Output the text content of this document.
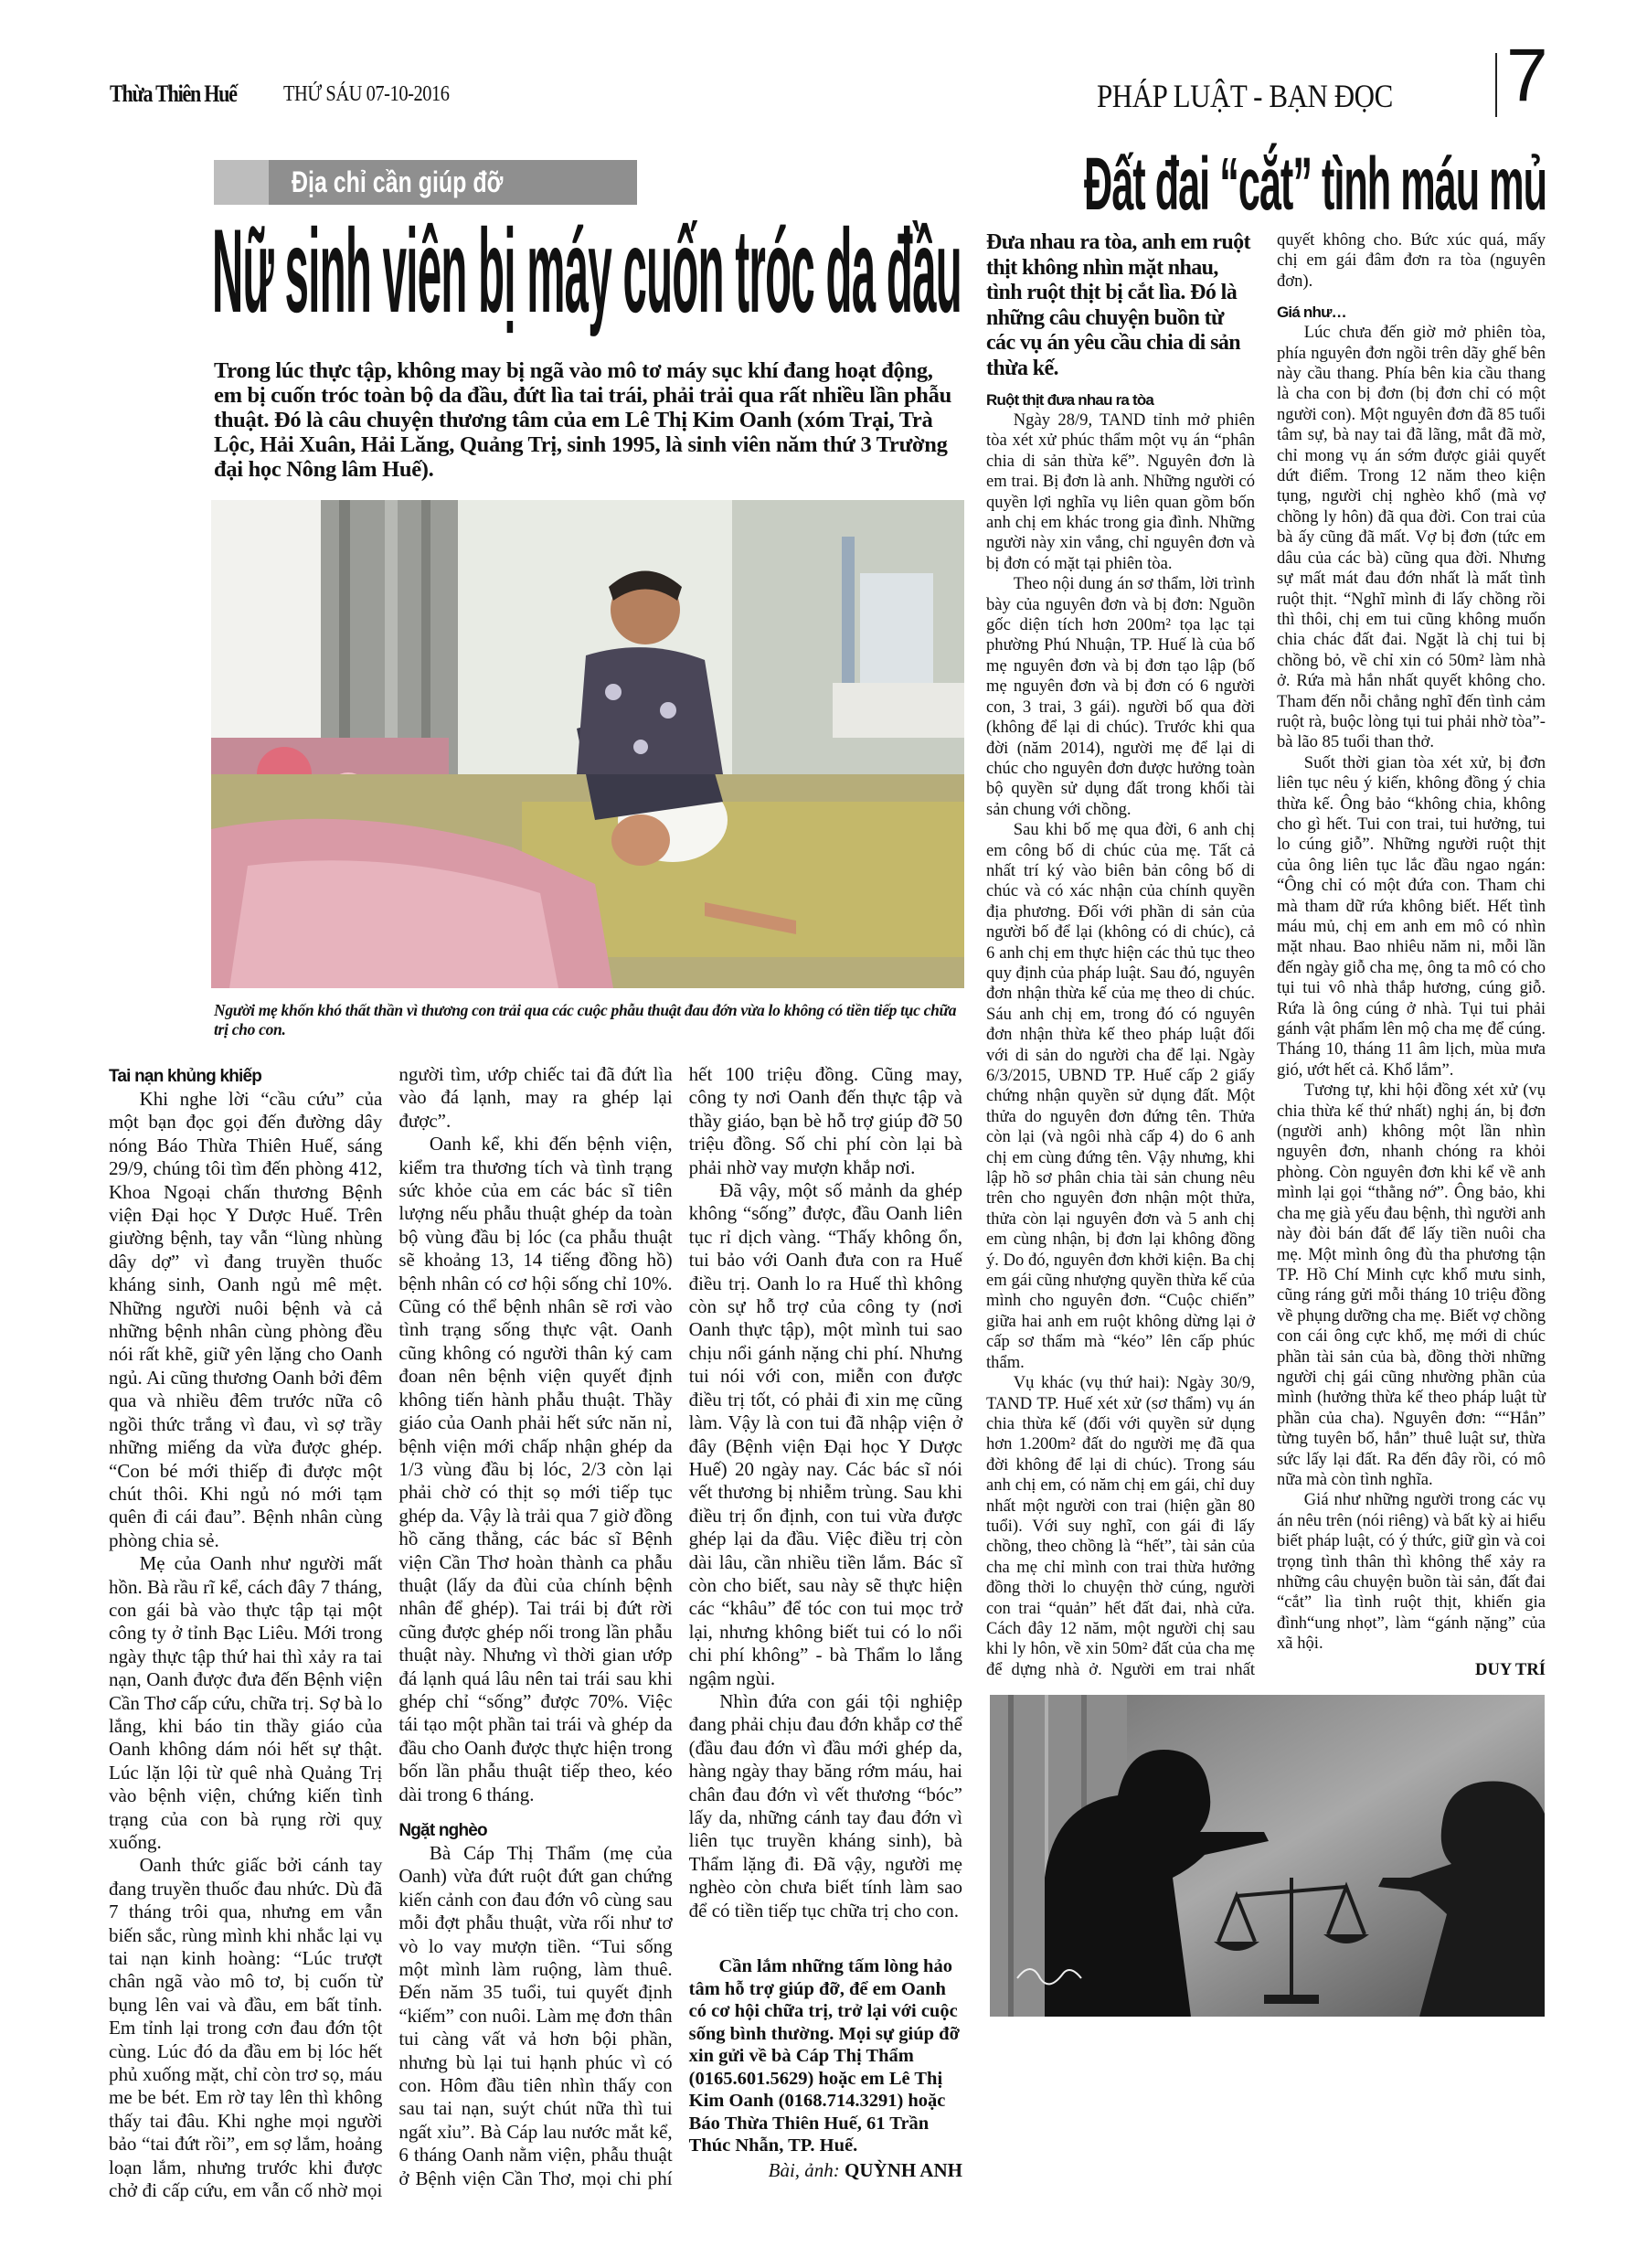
Thừa Thiên Huế THỨ SÁU 07-10-2016	PHÁP LUẬT - BẠN ĐỌC 7
Địa chỉ cần giúp đỡ
Nữ sinh viên bị máy cuốn tróc da đầu
Trong lúc thực tập, không may bị ngã vào mô tơ máy sục khí đang hoạt động, em bị cuốn tróc toàn bộ da đầu, đứt lìa tai trái, phải trải qua rất nhiều lần phẫu thuật. Đó là câu chuyện thương tâm của em Lê Thị Kim Oanh (xóm Trại, Trà Lộc, Hải Xuân, Hải Lăng, Quảng Trị, sinh 1995, là sinh viên năm thứ 3 Trường đại học Nông lâm Huế).
Người mẹ khốn khó thất thần vì thương con trải qua các cuộc phẫu thuật đau đớn vừa lo không có tiền tiếp tục chữa trị cho con.
Tai nạn khủng khiếp

Khi nghe lời “cầu cứu” của một bạn đọc gọi đến đường dây nóng Báo Thừa Thiên Huế, sáng 29/9, chúng tôi tìm đến phòng 412, Khoa Ngoại chấn thương Bệnh viện Đại học Y Dược Huế. Trên giường bệnh, tay vẫn “lùng nhùng dây dợ” vì đang truyền thuốc kháng sinh, Oanh ngủ mê mệt. Những người nuôi bệnh và cả những bệnh nhân cùng phòng đều nói rất khẽ, giữ yên lặng cho Oanh ngủ. Ai cũng thương Oanh bởi đêm qua và nhiều đêm trước nữa cô ngồi thức trắng vì đau, vì sợ trầy những miếng da vừa được ghép. “Con bé mới thiếp đi được một chút thôi. Khi ngủ nó mới tạm quên đi cái đau”. Bệnh nhân cùng phòng chia sẻ.

Mẹ của Oanh như người mất hồn. Bà rầu rĩ kể, cách đây 7 tháng, con gái bà vào thực tập tại một công ty ở tỉnh Bạc Liêu. Mới trong ngày thực tập thứ hai thì xảy ra tai nạn, Oanh được đưa đến Bệnh viện Cần Thơ cấp cứu, chữa trị. Sợ bà lo lắng, khi báo tin thầy giáo của Oanh không dám nói hết sự thật. Lúc lặn lội từ quê nhà Quảng Trị vào bệnh viện, chứng kiến tình trạng của con bà rụng rời quỵ xuống.

Oanh thức giấc bởi cánh tay đang truyền thuốc đau nhức. Dù đã 7 tháng trôi qua, nhưng em vẫn biến sắc, rùng mình khi nhắc lại vụ tai nạn kinh hoàng: “Lúc trượt chân ngã vào mô tơ, bị cuốn từ bụng lên vai và đầu, em bất tỉnh. Em tỉnh lại trong cơn đau đớn tột cùng. Lúc đó da đầu em bị lóc hết phủ xuống mặt, chỉ còn trơ sọ, máu me be bét. Em rờ tay lên thì không thấy tai đâu. Khi nghe mọi người bảo “tai đứt rồi”, em sợ lắm, hoảng loạn lắm, nhưng trước khi được chở đi cấp cứu, em vẫn cố nhờ mọi người tìm, ướp chiếc tai đã đứt lìa vào đá lạnh, may ra ghép lại được”.

Oanh kể, khi đến bệnh viện, kiểm tra thương tích và tình trạng sức khỏe của em các bác sĩ tiên lượng nếu phẫu thuật ghép da toàn bộ vùng đầu bị lóc (ca phẫu thuật sẽ khoảng 13, 14 tiếng đồng hồ) bệnh nhân có cơ hội sống chỉ 10%. Cũng có thể bệnh nhân sẽ rơi vào tình trạng sống thực vật. Oanh cũng không có người thân ký cam đoan nên bệnh viện quyết định không tiến hành phẫu thuật. Thầy giáo của Oanh phải hết sức năn nỉ, bệnh viện mới chấp nhận ghép da 1/3 vùng đầu bị lóc, 2/3 còn lại phải chờ có thịt sọ mới tiếp tục ghép da. Vậy là trải qua 7 giờ đồng hồ căng thẳng, các bác sĩ Bệnh viện Cần Thơ hoàn thành ca phẫu thuật (lấy da đùi của chính bệnh nhân để ghép). Tai trái bị đứt rời cũng được ghép nối trong lần phẫu thuật này. Nhưng vì thời gian ướp đá lạnh quá lâu nên tai trái sau khi ghép chỉ “sống” được 70%. Việc tái tạo một phần tai trái và ghép da đầu cho Oanh được thực hiện trong bốn lần phẫu thuật tiếp theo, kéo dài trong 6 tháng.

Ngặt nghèo

Bà Cáp Thị Thẩm (mẹ của Oanh) vừa đứt ruột đứt gan chứng kiến cảnh con đau đớn vô cùng sau mỗi đợt phẫu thuật, vừa rối như tơ vò lo vay mượn tiền. “Tui sống một mình làm ruộng, làm thuê. Đến năm 35 tuổi, tui quyết định “kiếm” con nuôi. Làm mẹ đơn thân tui càng vất vả hơn bội phần, nhưng bù lại tui hạnh phúc vì có con. Hôm đầu tiên nhìn thấy con sau tai nạn, suýt chút nữa thì tui ngất xỉu”. Bà Cáp lau nước mắt kể, 6 tháng Oanh nằm viện, phẫu thuật ở Bệnh viện Cần Thơ, mọi chi phí hết 100 triệu đồng. Cũng may, công ty nơi Oanh đến thực tập và thầy giáo, bạn bè hỗ trợ giúp đỡ 50 triệu đồng. Số chi phí còn lại bà phải nhờ vay mượn khắp nơi.

Đã vậy, một số mảnh da ghép không “sống” được, đầu Oanh liên tục rỉ dịch vàng. “Thấy không ổn, tui bảo với Oanh đưa con ra Huế điều trị. Oanh lo ra Huế thì không còn sự hỗ trợ của công ty (nơi Oanh thực tập), một mình tui sao chịu nổi gánh nặng chi phí. Nhưng tui nói với con, miễn con được điều trị tốt, có phải đi xin mẹ cũng làm. Vậy là con tui đã nhập viện ở đây (Bệnh viện Đại học Y Dược Huế) 20 ngày nay. Các bác sĩ nói vết thương bị nhiễm trùng. Sau khi điều trị ổn định, con tui vừa được ghép lại da đầu. Việc điều trị còn dài lâu, cần nhiều tiền lắm. Bác sĩ còn cho biết, sau này sẽ thực hiện các “khâu” để tóc con tui mọc trở lại, nhưng không biết tui có lo nổi chi phí không” - bà Thẩm lo lắng ngậm ngùi.

Nhìn đứa con gái tội nghiệp đang phải chịu đau đớn khắp cơ thể (đầu đau đớn vì đầu mới ghép da, hàng ngày thay băng rớm máu, hai chân đau đớn vì vết thương “bóc” lấy da, những cánh tay đau đớn vì liên tục truyền kháng sinh), bà Thẩm lặng đi. Đã vậy, người mẹ nghèo còn chưa biết tính làm sao để có tiền tiếp tục chữa trị cho con.

Cần lắm những tấm lòng hảo tâm hỗ trợ giúp đỡ, để em Oanh có cơ hội chữa trị, trở lại với cuộc sống bình thường. Mọi sự giúp đỡ xin gửi về bà Cáp Thị Thẩm (0165.601.5629) hoặc em Lê Thị Kim Oanh (0168.714.3291) hoặc Báo Thừa Thiên Huế, 61 Trần Thúc Nhẫn, TP. Huế.

Bài, ảnh: QUỲNH ANH
Đất đai “cắt” tình máu mủ

Đưa nhau ra tòa, anh em ruột thịt không nhìn mặt nhau, tình ruột thịt bị cắt lìa. Đó là những câu chuyện buồn từ các vụ án yêu cầu chia di sản thừa kế.

Ruột thịt đưa nhau ra tòa

Ngày 28/9, TAND tỉnh mở phiên tòa xét xử phúc thẩm một vụ án “phân chia di sản thừa kế”. Nguyên đơn là em trai. Bị đơn là anh. Những người có quyền lợi nghĩa vụ liên quan gồm bốn anh chị em khác trong gia đình. Những người này xin vắng, chỉ nguyên đơn và bị đơn có mặt tại phiên tòa.

Theo nội dung án sơ thẩm, lời trình bày của nguyên đơn và bị đơn: Nguồn gốc diện tích hơn 200m² tọa lạc tại phường Phú Nhuận, TP. Huế là của bố mẹ nguyên đơn và bị đơn tạo lập (bố mẹ nguyên đơn và bị đơn có 6 người con, 3 trai, 3 gái). người bố qua đời (không để lại di chúc). Trước khi qua đời (năm 2014), người mẹ để lại di chúc cho nguyên đơn được hưởng toàn bộ quyền sử dụng đất trong khối tài sản chung với chồng.

Sau khi bố mẹ qua đời, 6 anh chị em công bố di chúc của mẹ. Tất cả nhất trí ký vào biên bản công bố di chúc và có xác nhận của chính quyền địa phương. Đối với phần di sản của người bố để lại (không có di chúc), cả 6 anh chị em thực hiện các thủ tục theo quy định của pháp luật. Sau đó, nguyên đơn nhận thừa kế của mẹ theo di chúc. Sáu anh chị em, trong đó có nguyên đơn nhận thừa kế theo pháp luật đối với di sản do người cha để lại. Ngày 6/3/2015, UBND TP. Huế cấp 2 giấy chứng nhận quyền sử dụng đất. Một thửa do nguyên đơn đứng tên. Thửa còn lại (và ngôi nhà cấp 4) do 6 anh chị em cùng đứng tên. Vậy nhưng, khi lập hồ sơ phân chia tài sản chung nêu trên cho nguyên đơn nhận một thửa, thửa còn lại nguyên đơn và 5 anh chị em cùng nhận, bị đơn lại không đồng ý. Do đó, nguyên đơn khởi kiện. Ba chị em gái cũng nhượng quyền thừa kế của mình cho nguyên đơn. “Cuộc chiến” giữa hai anh em ruột không dừng lại ở cấp sơ thẩm mà “kéo” lên cấp phúc thẩm.

Vụ khác (vụ thứ hai): Ngày 30/9, TAND TP. Huế xét xử (sơ thẩm) vụ án chia thừa kế (đối với quyền sử dụng hơn 1.200m² đất do người mẹ đã qua đời không để lại di chúc). Trong sáu anh chị em, có năm chị em gái, chỉ duy nhất một người con trai (hiện gần 80 tuổi). Với suy nghĩ, con gái đi lấy chồng, theo chồng là “hết”, tài sản của cha mẹ chỉ mình con trai thừa hưởng đồng thời lo chuyện thờ cúng, người con trai “quản” hết đất đai, nhà cửa. Cách đây 12 năm, một người chị sau khi ly hôn, về xin 50m² đất của cha mẹ để dựng nhà ở. Người em trai nhất quyết không cho. Bức xúc quá, mấy chị em gái đâm đơn ra tòa (nguyên đơn).

Giá như…

Lúc chưa đến giờ mở phiên tòa, phía nguyên đơn ngồi trên dãy ghế bên này cầu thang. Phía bên kia cầu thang là cha con bị đơn (bị đơn chỉ có một người con). Một nguyên đơn đã 85 tuổi tâm sự, bà nay tai đã lãng, mắt đã mờ, chỉ mong vụ án sớm được giải quyết dứt điểm. Trong 12 năm theo kiện tụng, người chị nghèo khổ (mà vợ chồng ly hôn) đã qua đời. Con trai của bà ấy cũng đã mất. Vợ bị đơn (tức em dâu của các bà) cũng qua đời. Nhưng sự mất mát đau đớn nhất là mất tình ruột thịt. “Nghĩ mình đi lấy chồng rồi thì thôi, chị em tui cũng không muốn chia chác đất đai. Ngặt là chị tui bị chồng bỏ, về chỉ xin có 50m² làm nhà ở. Rứa mà hắn nhất quyết không cho. Tham đến nỗi chẳng nghĩ đến tình cảm ruột rà, buộc lòng tụi tui phải nhờ tòa”- bà lão 85 tuổi than thở.

Suốt thời gian tòa xét xử, bị đơn liên tục nêu ý kiến, không đồng ý chia thừa kế. Ông bảo “không chia, không cho gì hết. Tui con trai, tui hưởng, tui lo cúng giỗ”. Những người ruột thịt của ông liên tục lắc đầu ngao ngán: “Ông chỉ có một đứa con. Tham chi mà tham dữ rứa không biết. Hết tình máu mủ, chị em anh em mô có nhìn mặt nhau. Bao nhiêu năm ni, mỗi lần đến ngày giỗ cha mẹ, ông ta mô có cho tụi tui vô nhà thắp hương, cúng giỗ. Rứa là ông cúng ở nhà. Tụi tui phải gánh vật phẩm lên mộ cha mẹ để cúng. Tháng 10, tháng 11 âm lịch, mùa mưa gió, ướt hết cả. Khổ lắm”.

Tương tự, khi hội đồng xét xử (vụ chia thừa kế thứ nhất) nghị án, bị đơn (người anh) không một lần nhìn nguyên đơn, nhanh chóng ra khỏi phòng. Còn nguyên đơn khi kể về anh mình lại gọi “thằng nớ”. Ông bảo, khi cha mẹ già yếu đau bệnh, thì người anh này đòi bán đất để lấy tiền nuôi cha mẹ. Một mình ông đù tha phương tận TP. Hồ Chí Minh cực khổ mưu sinh, cũng ráng gửi mỗi tháng 10 triệu đồng về phụng dưỡng cha mẹ. Biết vợ chồng con cái ông cực khổ, mẹ mới di chúc phần tài sản của bà, đồng thời những người chị gái cũng nhường phần của mình (hưởng thừa kế theo pháp luật từ phần của cha). Nguyên đơn: ““Hắn” từng tuyên bố, hắn” thuê luật sư, thừa sức lấy lại đất. Ra đến đây rồi, có mô nữa mà còn tình nghĩa.

Giá như những người trong các vụ án nêu trên (nói riêng) và bất kỳ ai hiểu biết pháp luật, có ý thức, giữ gìn và coi trọng tình thân thì không thể xảy ra những câu chuyện buồn tài sản, đất đai “cắt” lìa tình ruột thịt, khiến gia đình“ung nhọt”, làm “gánh nặng” của xã hội.

DUY TRÍ
